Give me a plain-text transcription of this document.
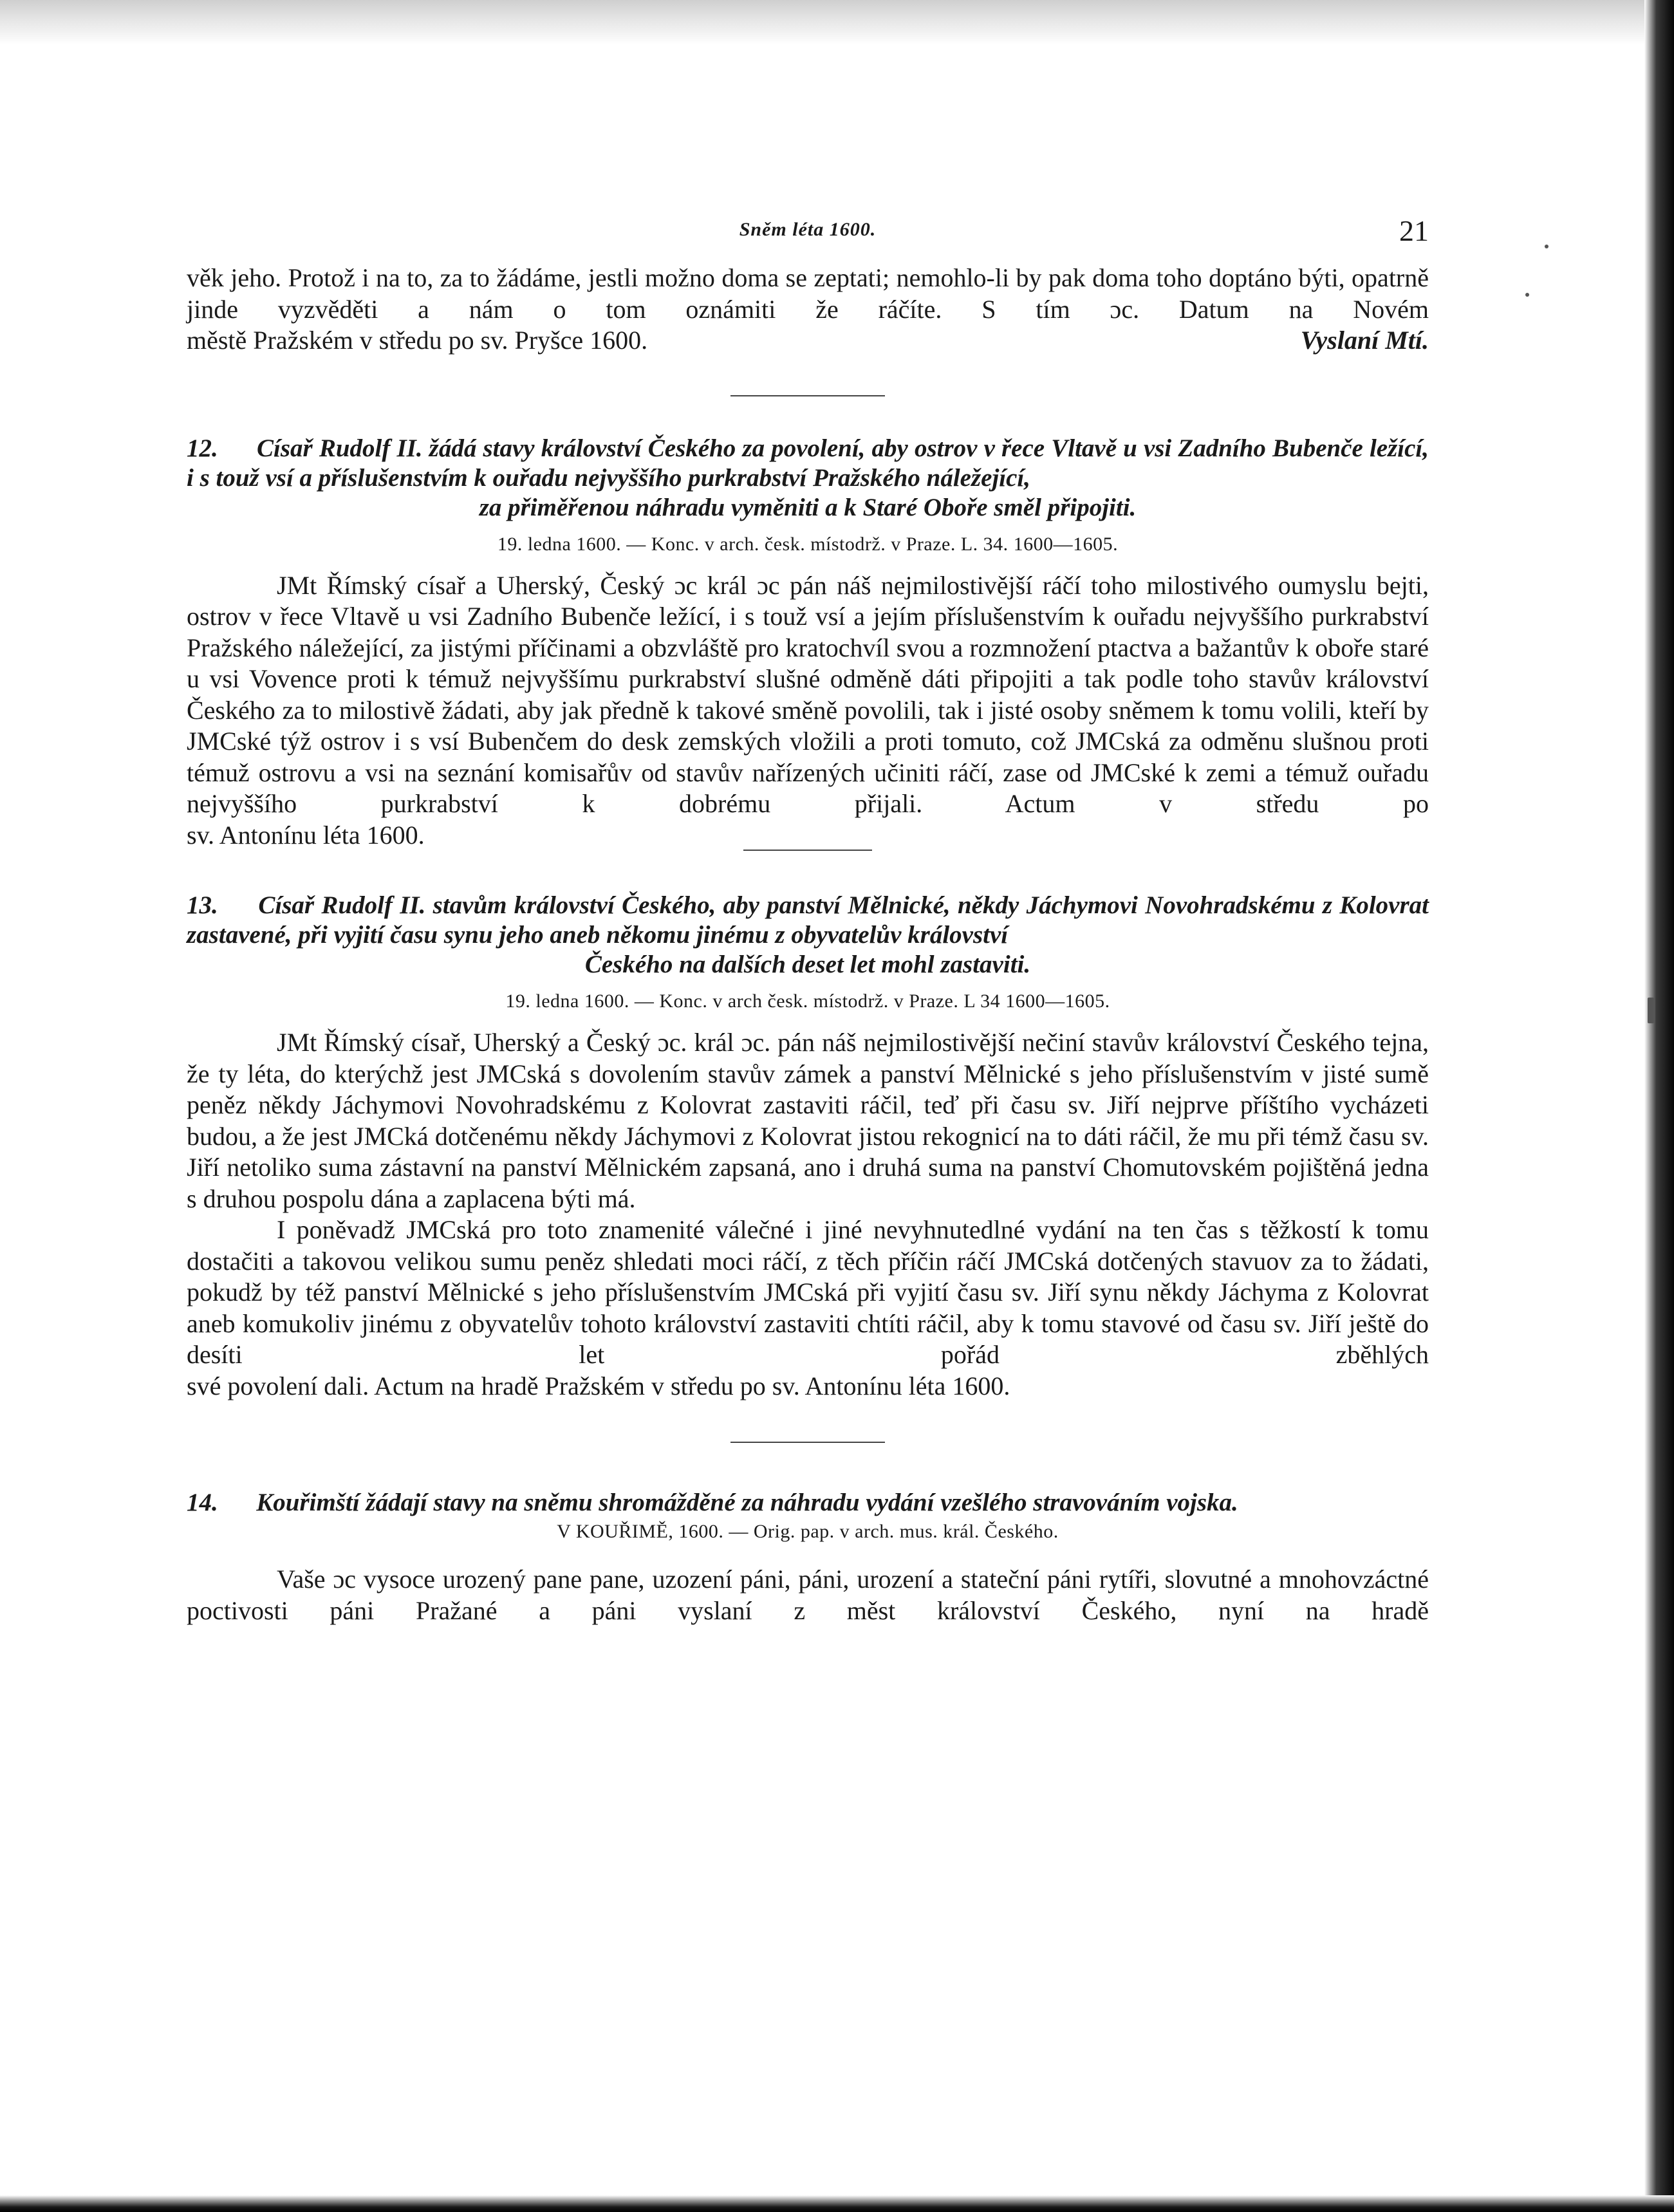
Sněm léta 1600.	21

věk jeho. Protož i na to, za to žádáme, jestli možno doma se zeptati; nemohlo-li by pak doma toho doptáno býti, opatrně jinde vyzvěděti a nám o tom oznámiti že ráčíte. S tím ɔc. Datum na Novém

městě Pražském v středu po sv. Pryšce 1600.	Vyslaní Mtí.
12. Císař Rudolf II. žádá stavy království Českého za povolení, aby ostrov v řece Vltavě u vsi Zadního Bubenče ležící, i s touž vsí a příslušenstvím k ouřadu nejvyššího purkrabství Pražského náležející,
za přiměřenou náhradu vyměniti a k Staré Oboře směl připojiti.
19. ledna 1600. — Konc. v arch. česk. místodrž. v Praze. L. 34. 1600—1605.

JMt Římský císař a Uherský, Český ɔc král ɔc pán náš nejmilostivější ráčí toho milostivého oumyslu bejti, ostrov v řece Vltavě u vsi Zadního Bubenče ležící, i s touž vsí a jejím příslušenstvím k ouřadu nejvyššího purkrabství Pražského náležející, za jistými příčinami a obzvláště pro kratochvíl svou a rozmnožení ptactva a bažantův k oboře staré u vsi Vovence proti k témuž nejvyššímu purkrabství slušné odměně dáti připojiti a tak podle toho stavův království Českého za to milostivě žádati, aby jak předně k takové směně povolili, tak i jisté osoby sněmem k tomu volili, kteří by JMCské týž ostrov i s vsí Bubenčem do desk zemských vložili a proti tomuto, což JMCská za odměnu slušnou proti témuž ostrovu a vsi na seznání komisařův od stavův nařízených učiniti ráčí, zase od JMCské k zemi a témuž ouřadu nejvyššího purkrabství k dobrému přijali. Actum v středu po

sv. Antonínu léta 1600.

13. Císař Rudolf II. stavům království Českého, aby panství Mělnické, někdy Jáchymovi Novohradskému z Kolovrat zastavené, při vyjití času synu jeho aneb někomu jinému z obyvatelův království
Českého na dalších deset let mohl zastaviti.
19. ledna 1600. — Konc. v arch česk. místodrž. v Praze. L 34 1600—1605.

JMt Římský císař, Uherský a Český ɔc. král ɔc. pán náš nejmilostivější nečiní stavův království Českého tejna, že ty léta, do kterýchž jest JMCská s dovolením stavův zámek a panství Mělnické s jeho příslušenstvím v jisté sumě peněz někdy Jáchymovi Novohradskému z Kolovrat zastaviti ráčil, teď při času sv. Jiří nejprve příštího vycházeti budou, a že jest JMCká dotčenému někdy Jáchymovi z Kolovrat jistou rekognicí na to dáti ráčil, že mu při témž času sv. Jiří netoliko suma zástavní na panství Mělnickém zapsaná, ano i druhá suma na panství Chomutovském pojištěná jedna

s druhou pospolu dána a zaplacena býti má.

I poněvadž JMCská pro toto znamenité válečné i jiné nevyhnutedlné vydání na ten čas s těžkostí k tomu dostačiti a takovou velikou sumu peněz shledati moci ráčí, z těch příčin ráčí JMCská dotčených stavuov za to žádati, pokudž by též panství Mělnické s jeho příslušenstvím JMCská při vyjití času sv. Jiří synu někdy Jáchyma z Kolovrat aneb komukoliv jinému z obyvatelův tohoto království zastaviti chtíti ráčil, aby k tomu stavové od času sv. Jiří ještě do desíti let pořád zběhlých

své povolení dali. Actum na hradě Pražském v středu po sv. Antonínu léta 1600.

14. Kouřimští žádají stavy na sněmu shromážděné za náhradu vydání vzešlého stravováním vojska.
V KOUŘIMĚ, 1600. — Orig. pap. v arch. mus. král. Českého.

Vaše ɔc vysoce urozený pane pane, uzození páni, páni, urození a stateční páni rytíři, slovutné a mnohovzáctné poctivosti páni Pražané a páni vyslaní z měst království Českého, nyní na hradě
